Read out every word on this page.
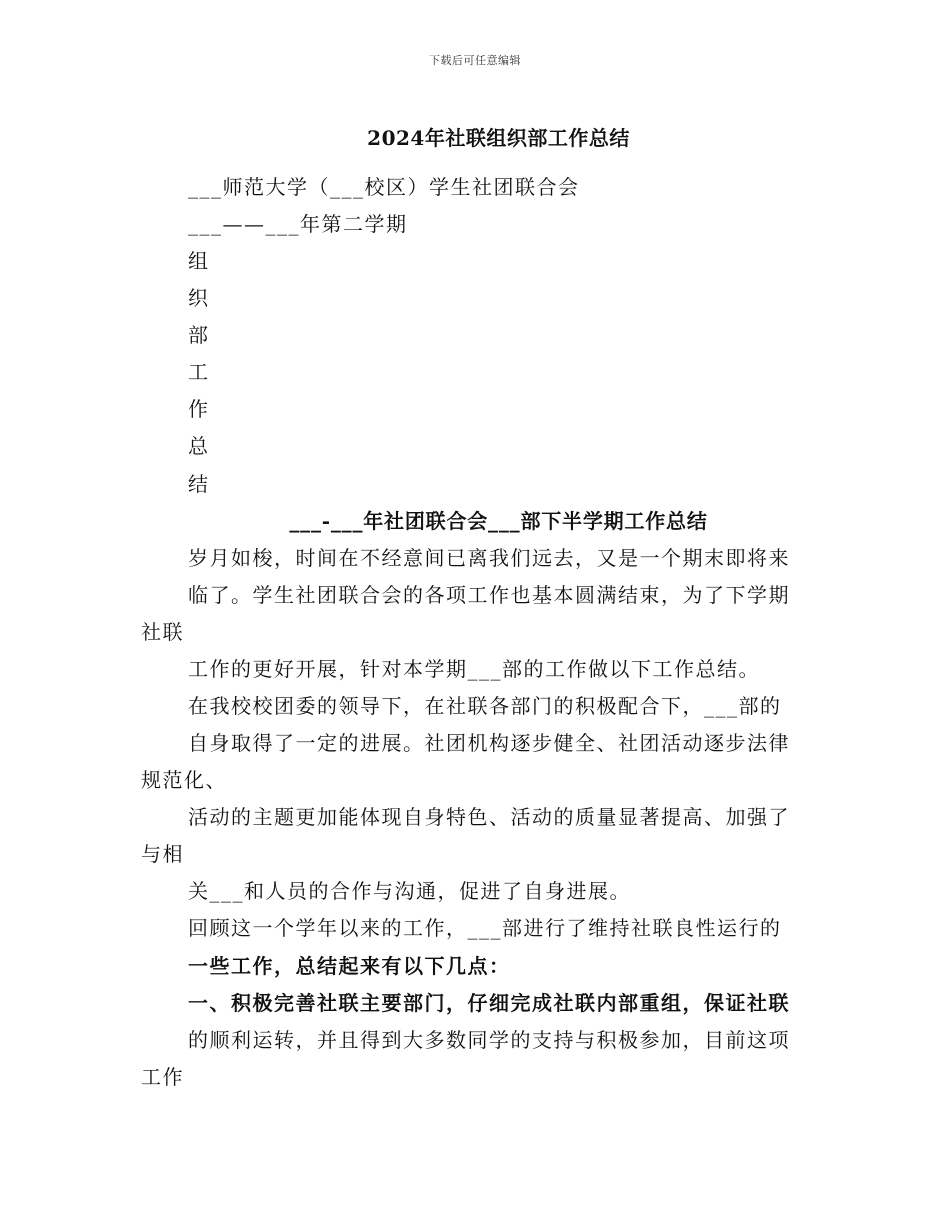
下载后可任意编辑
2024年社联组织部工作总结

___师范大学（___校区）学生社团联合会

___——___年第二学期

组
织
部
工
作
总
结
___-___年社团联合会___部下半学期工作总结

岁月如梭，时间在不经意间已离我们远去，又是一个期末即将来

临了。学生社团联合会的各项工作也基本圆满结束，为了下学期

社联

工作的更好开展，针对本学期___部的工作做以下工作总结。

在我校校团委的领导下，在社联各部门的积极配合下，___部的

自身取得了一定的进展。社团机构逐步健全、社团活动逐步法律

规范化、

活动的主题更加能体现自身特色、活动的质量显著提高、加强了

与相

关___和人员的合作与沟通，促进了自身进展。

回顾这一个学年以来的工作，___部进行了维持社联良性运行的

一些工作，总结起来有以下几点：

一、积极完善社联主要部门，仔细完成社联内部重组，保证社联

的顺利运转，并且得到大多数同学的支持与积极参加，目前这项

工作
